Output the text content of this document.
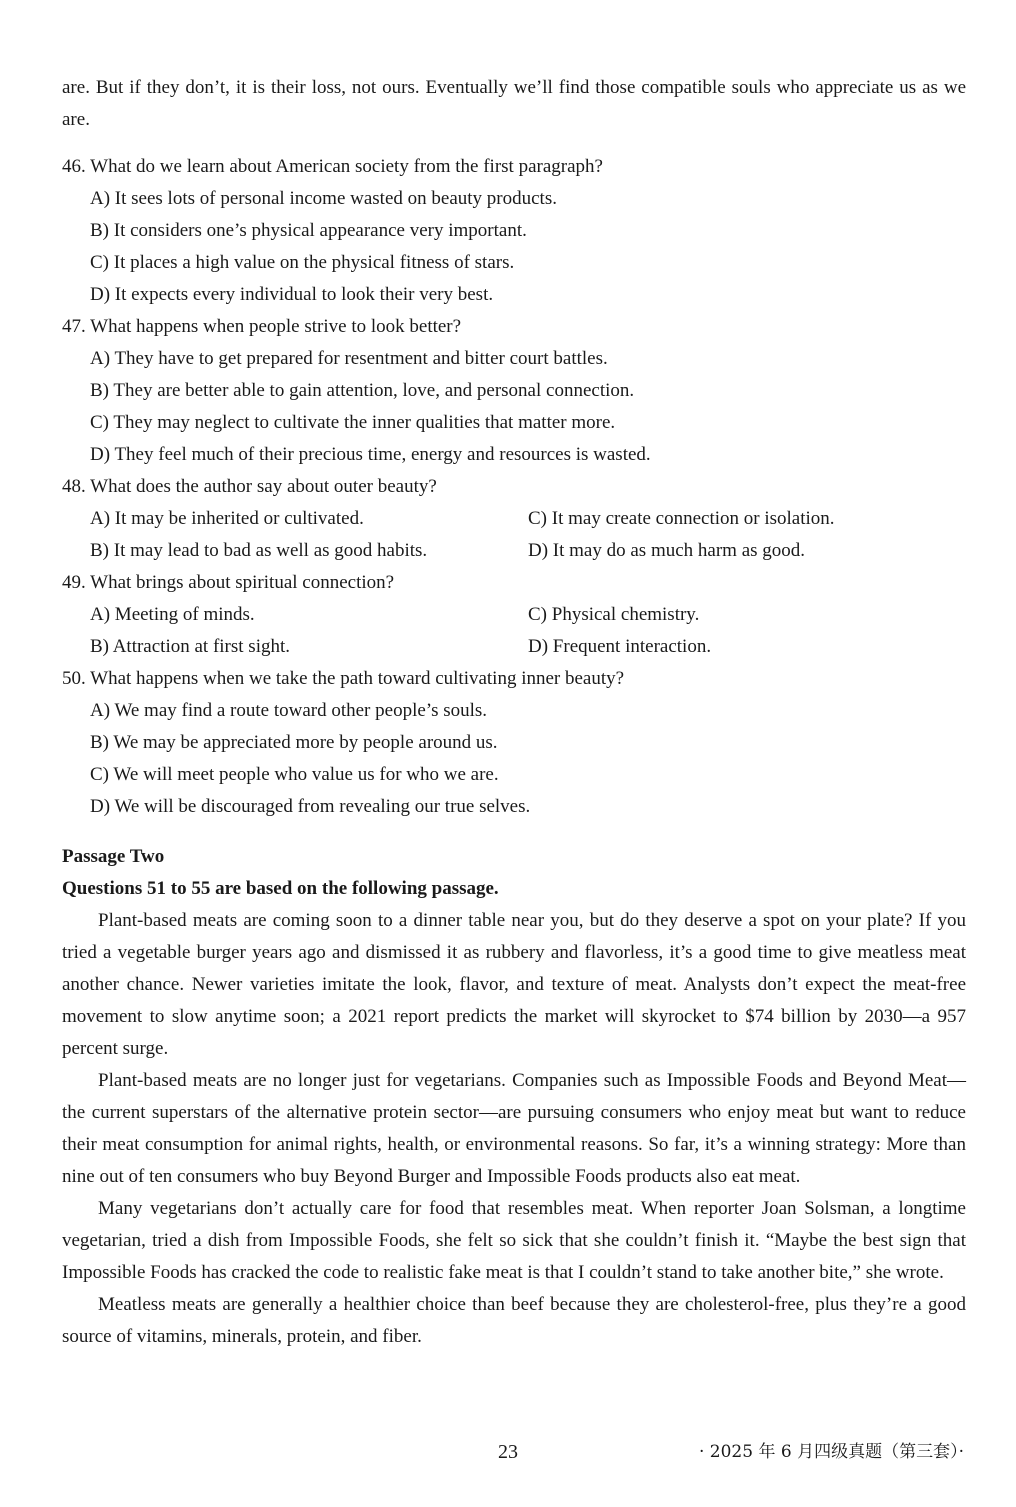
are. But if they don’t, it is their loss, not ours. Eventually we’ll find those compatible souls who appreciate us as we are.

46. What do we learn about American society from the first paragraph?

A) It sees lots of personal income wasted on beauty products.

B) It considers one’s physical appearance very important.

C) It places a high value on the physical fitness of stars.

D) It expects every individual to look their very best.

47. What happens when people strive to look better?

A) They have to get prepared for resentment and bitter court battles.

B) They are better able to gain attention, love, and personal connection.

C) They may neglect to cultivate the inner qualities that matter more.

D) They feel much of their precious time, energy and resources is wasted.

48. What does the author say about outer beauty?

A) It may be inherited or cultivated.	C) It may create connection or isolation.
B) It may lead to bad as well as good habits.	D) It may do as much harm as good.

49. What brings about spiritual connection?

A) Meeting of minds.	C) Physical chemistry.
B) Attraction at first sight.	D) Frequent interaction.

50. What happens when we take the path toward cultivating inner beauty?

A) We may find a route toward other people’s souls.

B) We may be appreciated more by people around us.

C) We will meet people who value us for who we are.

D) We will be discouraged from revealing our true selves.

Passage Two

Questions 51 to 55 are based on the following passage.

Plant-based meats are coming soon to a dinner table near you, but do they deserve a spot on your plate? If you tried a vegetable burger years ago and dismissed it as rubbery and flavorless, it’s a good time to give meatless meat another chance. Newer varieties imitate the look, flavor, and texture of meat. Analysts don’t expect the meat-free movement to slow anytime soon; a 2021 report predicts the market will skyrocket to $74 billion by 2030—a 957 percent surge.

Plant-based meats are no longer just for vegetarians. Companies such as Impossible Foods and Beyond Meat—the current superstars of the alternative protein sector—are pursuing consumers who enjoy meat but want to reduce their meat consumption for animal rights, health, or environmental reasons. So far, it’s a winning strategy: More than nine out of ten consumers who buy Beyond Burger and Impossible Foods products also eat meat.

Many vegetarians don’t actually care for food that resembles meat. When reporter Joan Solsman, a longtime vegetarian, tried a dish from Impossible Foods, she felt so sick that she couldn’t finish it. “Maybe the best sign that Impossible Foods has cracked the code to realistic fake meat is that I couldn’t stand to take another bite,” she wrote.

Meatless meats are generally a healthier choice than beef because they are cholesterol-free, plus they’re a good source of vitamins, minerals, protein, and fiber.

23	· 2025 年 6 月四级真题（第三套）·
